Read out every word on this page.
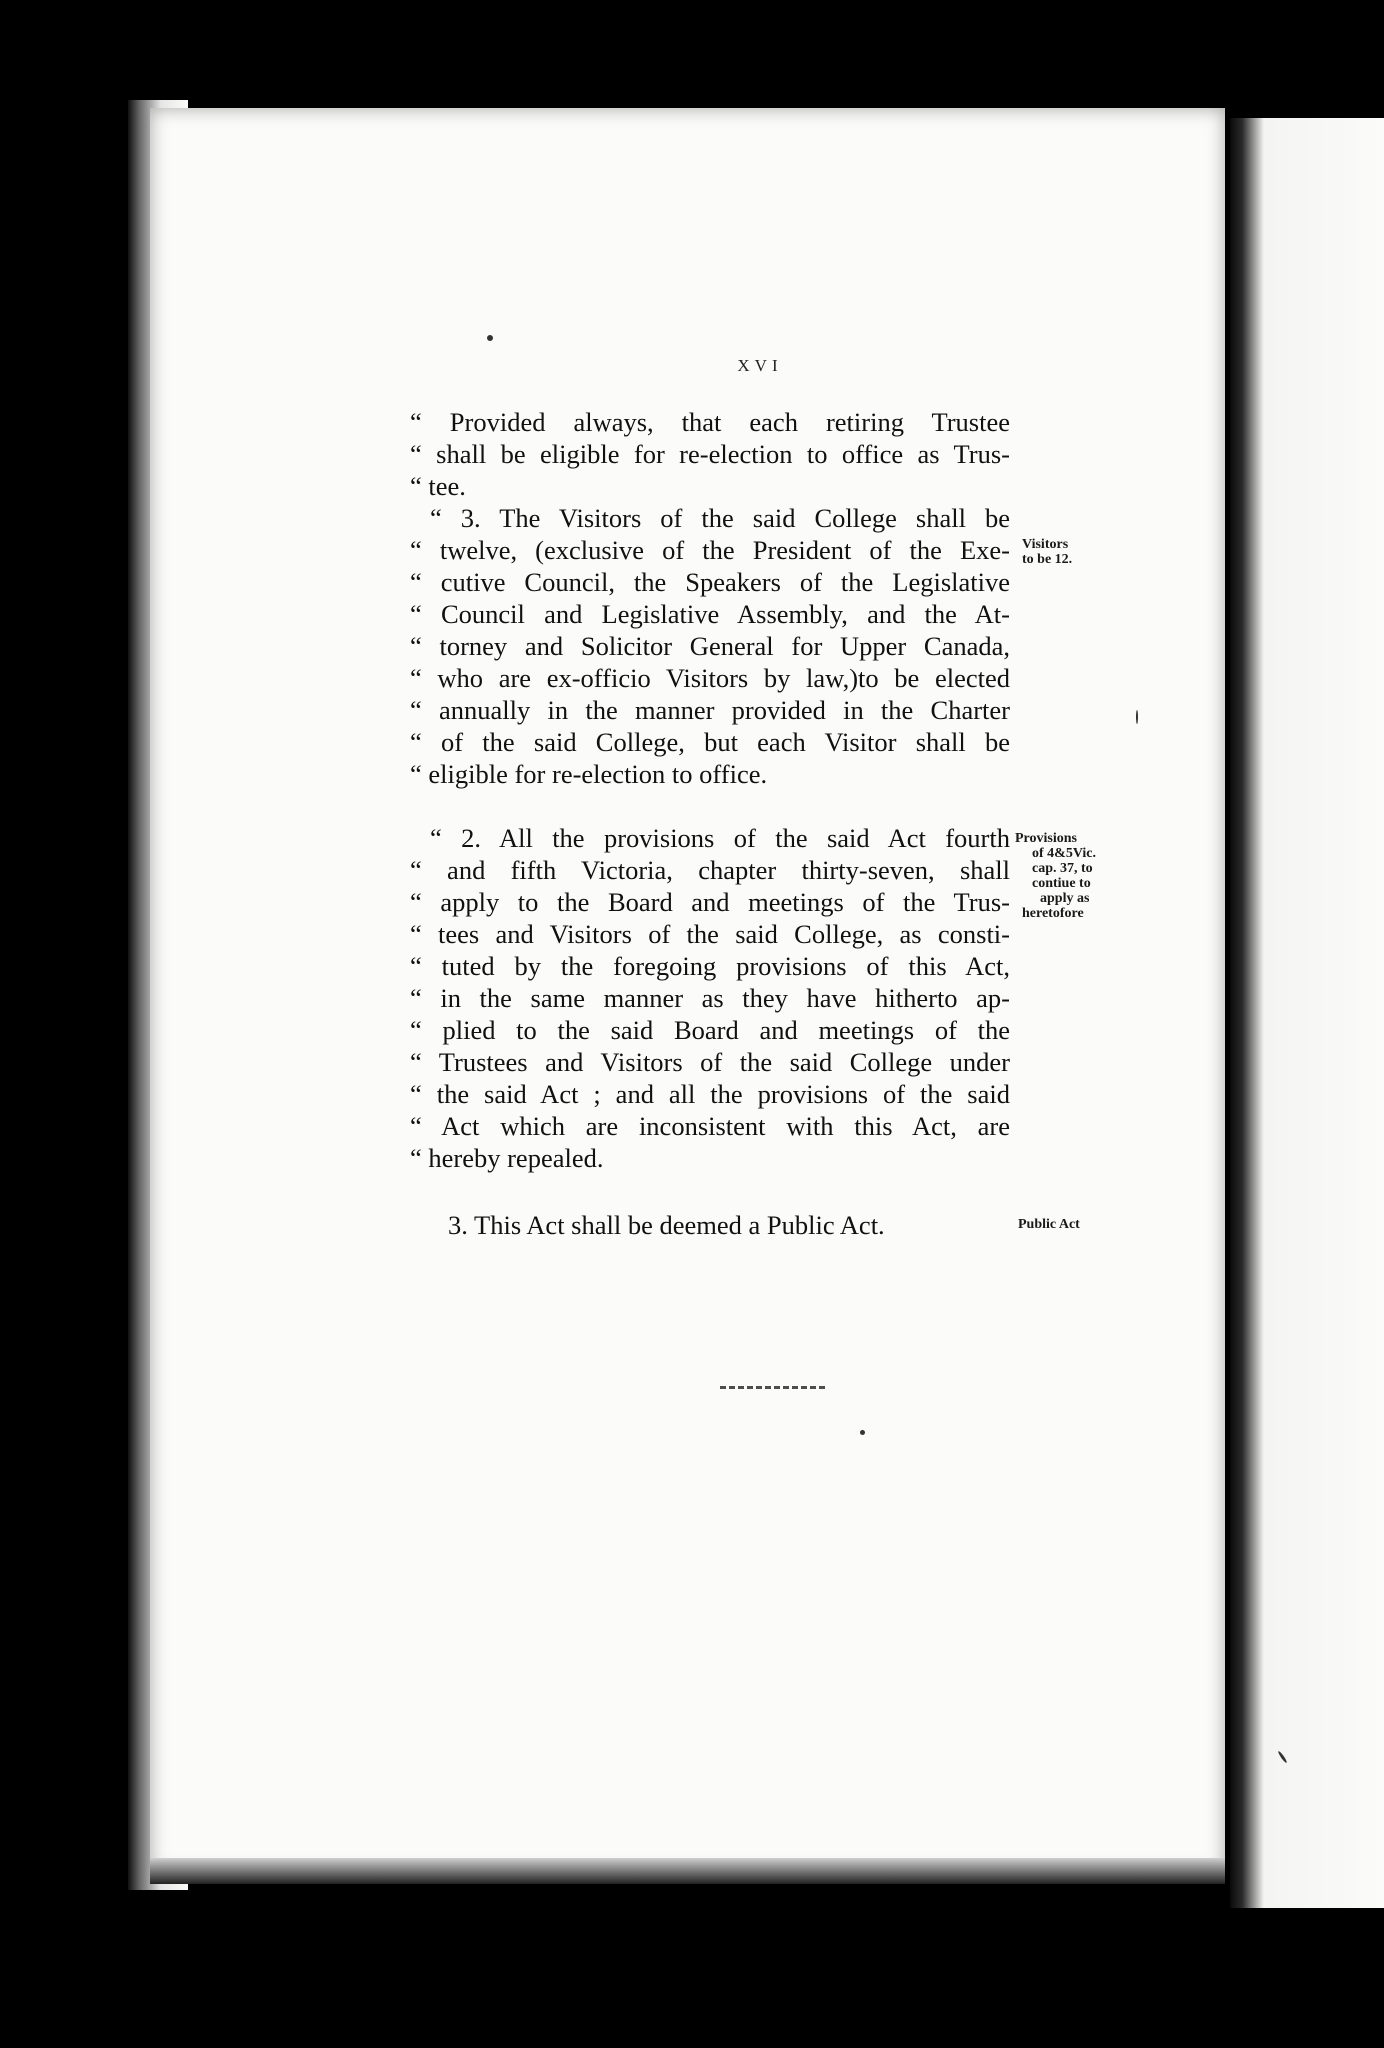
XVI
“ Provided always, that each retiring Trustee
“ shall be eligible for re-election to office as Trus-
“ tee.
“ 3. The Visitors of the said College shall be
“ twelve, (exclusive of the President of the Exe-
“ cutive Council, the Speakers of the Legislative
“ Council and Legislative Assembly, and the At-
“ torney and Solicitor General for Upper Canada,
“ who are ex-officio Visitors by law,)to be elected
“ annually in the manner provided in the Charter
“ of the said College, but each Visitor shall be
“ eligible for re-election to office.
“ 2. All the provisions of the said Act fourth
“ and fifth Victoria, chapter thirty-seven, shall
“ apply to the Board and meetings of the Trus-
“ tees and Visitors of the said College, as consti-
“ tuted by the foregoing provisions of this Act,
“ in the same manner as they have hitherto ap-
“ plied to the said Board and meetings of the
“ Trustees and Visitors of the said College under
“ the said Act ; and all the provisions of the said
“ Act which are inconsistent with this Act, are
“ hereby repealed.
3. This Act shall be deemed a Public Act.
Visitors
to be 12.
Provisions
of 4&5Vic.
cap. 37, to
contiue to
apply as
heretofore
Public Act
